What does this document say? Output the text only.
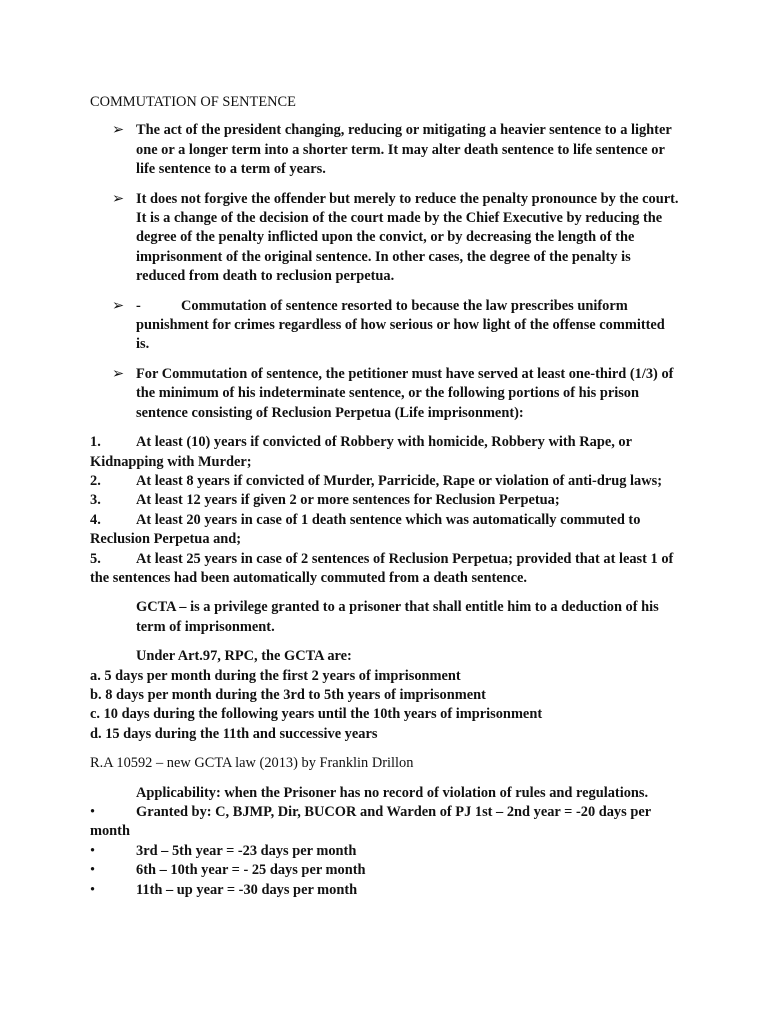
COMMUTATION OF SENTENCE
➢ The act of the president changing, reducing or mitigating a heavier sentence to a lighter one or a longer term into a shorter term. It may alter death sentence to life sentence or life sentence to a term of years.
➢ It does not forgive the offender but merely to reduce the penalty pronounce by the court. It is a change of the decision of the court made by the Chief Executive by reducing the degree of the penalty inflicted upon the convict, or by decreasing the length of the imprisonment of the original sentence. In other cases, the degree of the penalty is reduced from death to reclusion perpetua.
➢ -	Commutation of sentence resorted to because the law prescribes uniform punishment for crimes regardless of how serious or how light of the offense committed is.
➢ For Commutation of sentence, the petitioner must have served at least one-third (1/3) of the minimum of his indeterminate sentence, or the following portions of his prison sentence consisting of Reclusion Perpetua (Life imprisonment):
1. At least (10) years if convicted of Robbery with homicide, Robbery with Rape, or Kidnapping with Murder;
2. At least 8 years if convicted of Murder, Parricide, Rape or violation of anti-drug laws;
3. At least 12 years if given 2 or more sentences for Reclusion Perpetua;
4. At least 20 years in case of 1 death sentence which was automatically commuted to Reclusion Perpetua and;
5. At least 25 years in case of 2 sentences of Reclusion Perpetua; provided that at least 1 of the sentences had been automatically commuted from a death sentence.
GCTA – is a privilege granted to a prisoner that shall entitle him to a deduction of his term of imprisonment.
Under Art.97, RPC, the GCTA are:
a. 5 days per month during the first 2 years of imprisonment
b. 8 days per month during the 3rd to 5th years of imprisonment
c. 10 days during the following years until the 10th years of imprisonment
d. 15 days during the 11th and successive years
R.A 10592 – new GCTA law (2013) by Franklin Drillon
Applicability: when the Prisoner has no record of violation of rules and regulations.
•	Granted by: C, BJMP, Dir, BUCOR and Warden of PJ 1st – 2nd year = -20 days per month
•	3rd – 5th year = -23 days per month
•	6th – 10th year = - 25 days per month
•	11th – up year = -30 days per month
